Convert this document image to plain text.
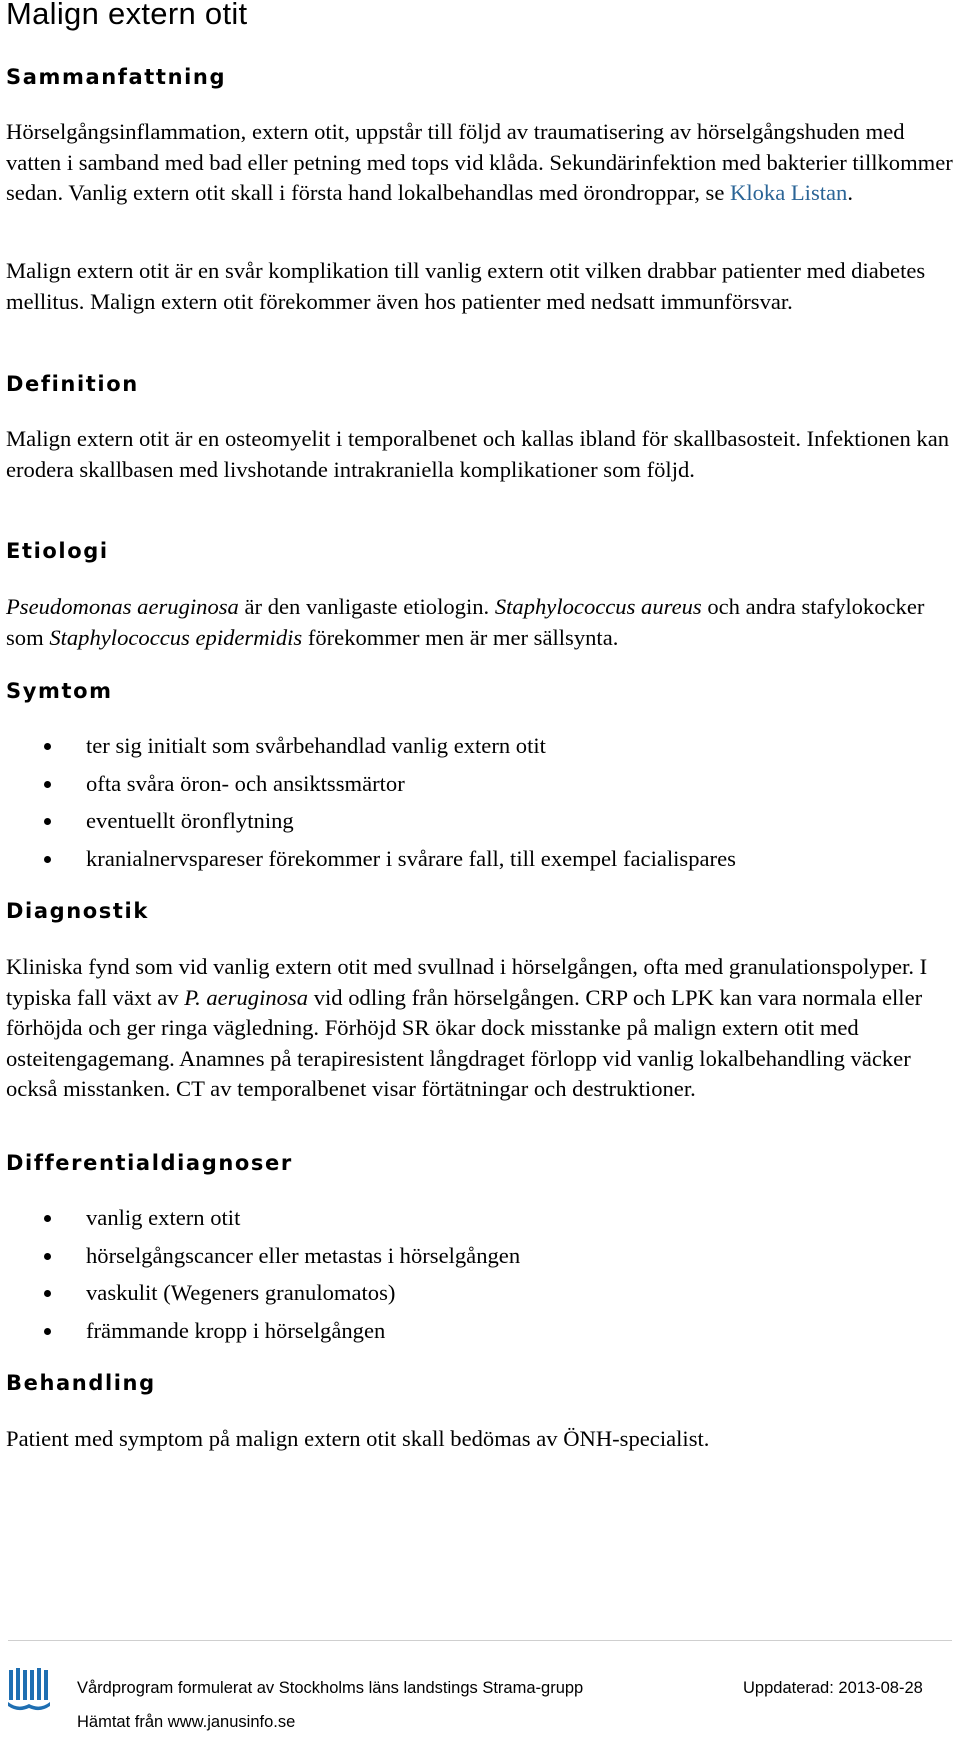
Malign extern otit
Sammanfattning

Hörselgångsinflammation, extern otit, uppstår till följd av traumatisering av hörselgångshuden med vatten i samband med bad eller petning med tops vid klåda. Sekundärinfektion med bakterier tillkommer sedan. Vanlig extern otit skall i första hand lokalbehandlas med örondroppar, se Kloka Listan.

Malign extern otit är en svår komplikation till vanlig extern otit vilken drabbar patienter med diabetes mellitus. Malign extern otit förekommer även hos patienter med nedsatt immunförsvar.

Definition

Malign extern otit är en osteomyelit i temporalbenet och kallas ibland för skallbasosteit. Infektionen kan erodera skallbasen med livshotande intrakraniella komplikationer som följd.

Etiologi

Pseudomonas aeruginosa är den vanligaste etiologin. Staphylococcus aureus och andra stafylokocker som Staphylococcus epidermidis förekommer men är mer sällsynta.

Symtom
ter sig initialt som svårbehandlad vanlig extern otit
ofta svåra öron- och ansiktssmärtor
eventuellt öronflytning
kranialnervspareser förekommer i svårare fall, till exempel facialispares
Diagnostik

Kliniska fynd som vid vanlig extern otit med svullnad i hörselgången, ofta med granulationspolyper. I typiska fall växt av P. aeruginosa vid odling från hörselgången. CRP och LPK kan vara normala eller förhöjda och ger ringa vägledning. Förhöjd SR ökar dock misstanke på malign extern otit med osteitengagemang. Anamnes på terapiresistent långdraget förlopp vid vanlig lokalbehandling väcker också misstanken. CT av temporalbenet visar förtätningar och destruktioner.

Differentialdiagnoser
vanlig extern otit
hörselgångscancer eller metastas i hörselgången
vaskulit (Wegeners granulomatos)
främmande kropp i hörselgången
Behandling

Patient med symptom på malign extern otit skall bedömas av ÖNH-specialist.

Vårdprogram formulerat av Stockholms läns landstings Strama-grupp	Uppdaterad: 2013-08-28
Hämtat från www.janusinfo.se
